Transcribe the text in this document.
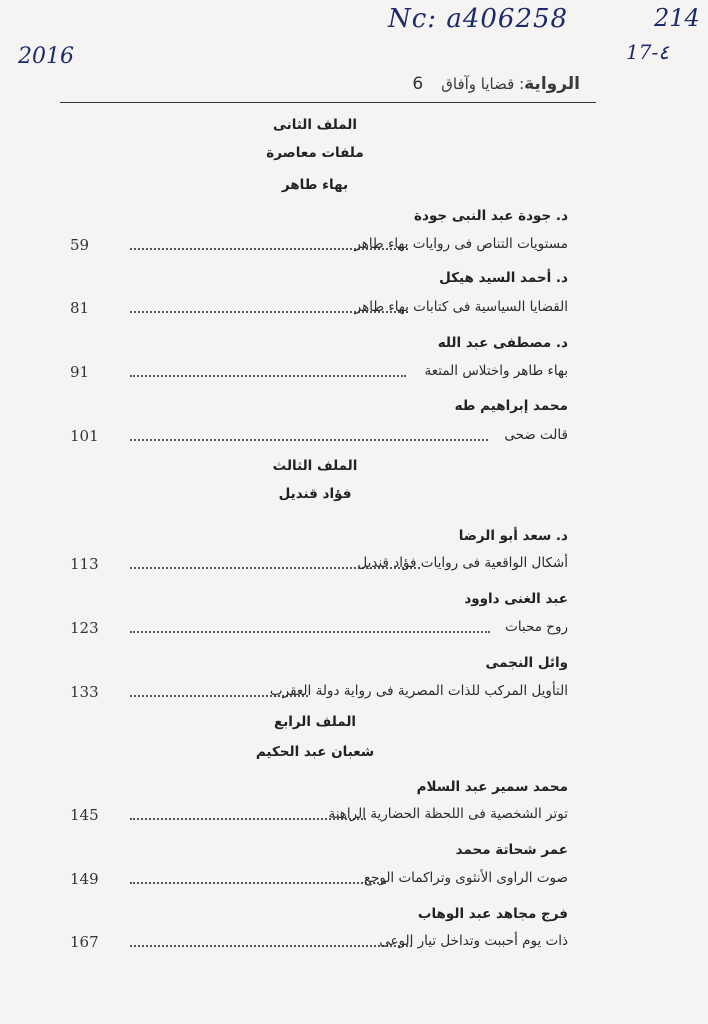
Nc: a406258	214
2016	17-٤
الرواية: قضايا وآفاق
6
الملف الثانى
ملفات معاصرة
بهاء طاهر
الملف الثالث
فؤاد قنديل
الملف الرابع
شعبان عبد الحكيم
د. جودة عبد النبى جودة
59	مستويات التناص فى روايات بهاء طاهر
د. أحمد السيد هيكل
81	القضايا السياسية فى كتابات بهاء طاهر
د. مصطفى عبد الله
91	بهاء طاهر واختلاس المتعة
محمد إبراهيم طه
101	قالت ضحى
د. سعد أبو الرضا
113	أشكال الواقعية فى روايات فؤاد قنديل
عبد الغنى داوود
123	روح محبات
وائل النجمى
133	التأويل المركب للذات المصرية فى رواية دولة العقرب
محمد سمير عبد السلام
145	توتر الشخصية فى اللحظة الحضارية الراهنة
عمر شحاتة محمد
149	صوت الراوى الأنثوى وتراكمات الوجع
فرج مجاهد عبد الوهاب
167	ذات يوم أحببت وتداخل تيار الوعى
